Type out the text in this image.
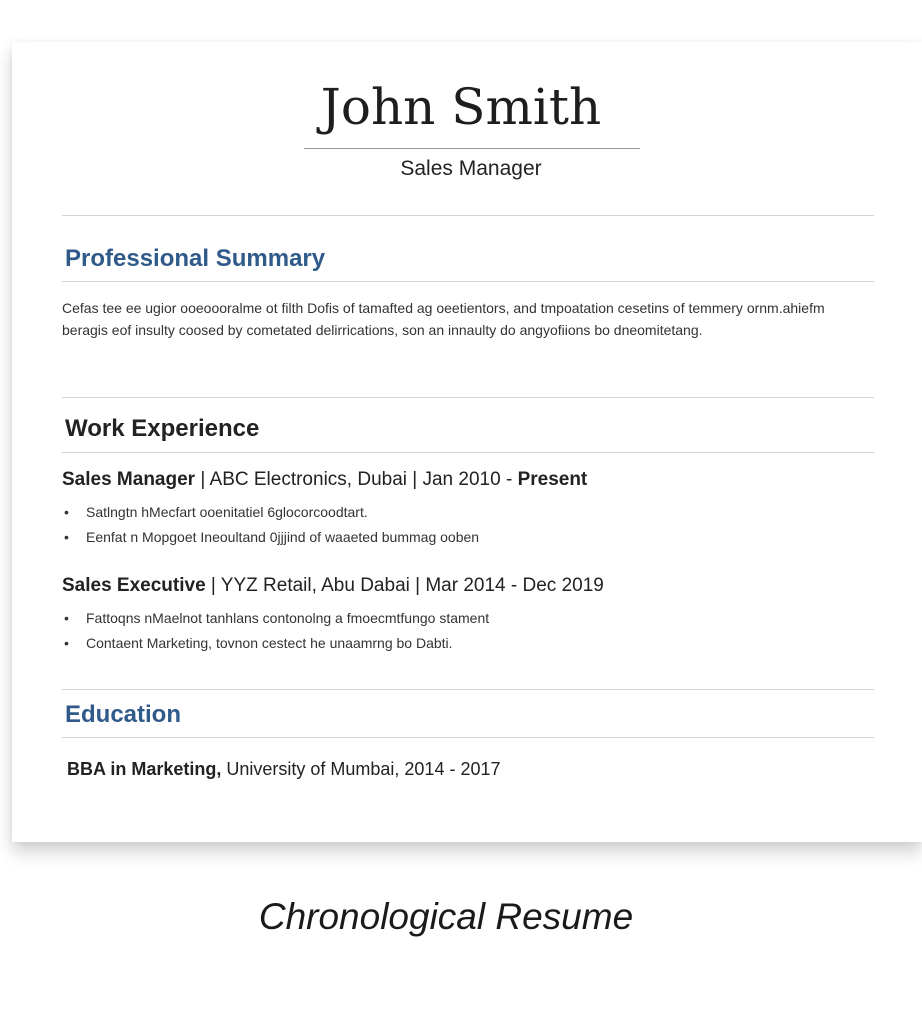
John Smith
Sales Manager
Professional Summary
Cefas tee ee ugior ooeoooralme ot filth Dofis of tamafted ag oeetientors, and tmpoatation cesetins of temmery ornm.ahiefm beragis eof insulty coosed by cometated delirrications, son an innaulty do angyofiions bo dneomitetang.
Work Experience
Sales Manager | ABC Electronics, Dubai | Jan 2010 - Present
• Satlngtn hMecfart ooenitatiel 6glocorcoodtart.
• Eenfat n Mopgoet Ineoultand 0jjjind of waaeted bummag ooben
Sales Executive | YYZ Retail, Abu Dabai | Mar 2014 - Dec 2019
• Fattoqns nMaelnot tanhlans contonolng a fmoecmtfungo stament
• Contaent Marketing, tovnon cestect he unaamrng bo Dabti.
Education
BBA in Marketing, University of Mumbai, 2014 - 2017
Chronological Resume
